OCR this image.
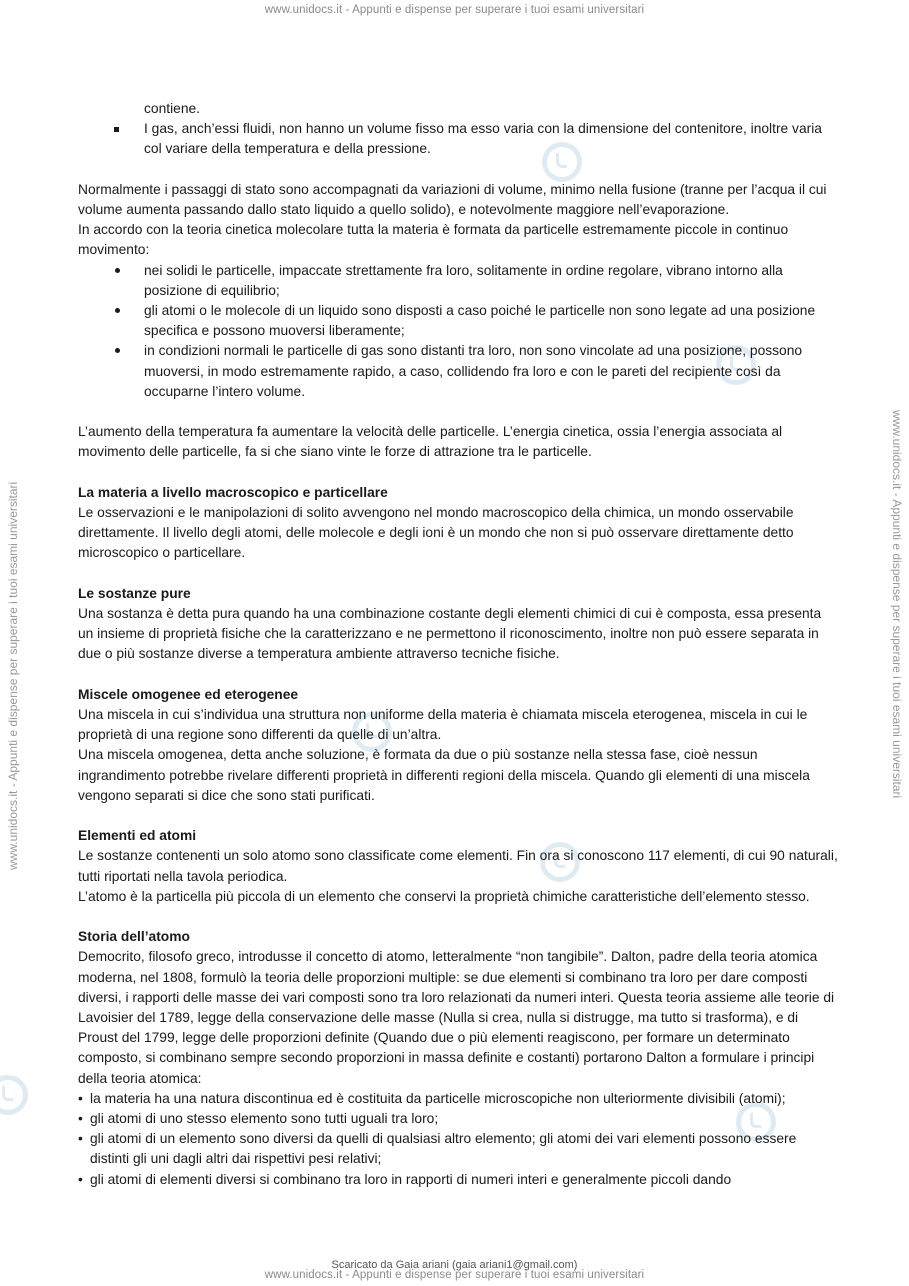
www.unidocs.it - Appunti e dispense per superare i tuoi esami universitari
www.unidocs.it - Appunti e dispense per superare i tuoi esami universitari	www.unidocs.it - Appunti e dispense per superare i tuoi esami universitari
contiene.
I gas, anch’essi fluidi, non hanno un volume fisso ma esso varia con la dimensione del contenitore, inoltre varia col variare della temperatura e della pressione.

Normalmente i passaggi di stato sono accompagnati da variazioni di volume, minimo nella fusione (tranne per l’acqua il cui volume aumenta passando dallo stato liquido a quello solido), e notevolmente maggiore nell’evaporazione.

In accordo con la teoria cinetica molecolare tutta la materia è formata da particelle estremamente piccole in continuo movimento:

nei solidi le particelle, impaccate strettamente fra loro, solitamente in ordine regolare, vibrano intorno alla posizione di equilibrio;
gli atomi o le molecole di un liquido sono disposti a caso poiché le particelle non sono legate ad una posizione specifica e possono muoversi liberamente;
in condizioni normali le particelle di gas sono distanti tra loro, non sono vincolate ad una posizione, possono muoversi, in modo estremamente rapido, a caso, collidendo fra loro e con le pareti del recipiente così da occuparne l’intero volume.

L’aumento della temperatura fa aumentare la velocità delle particelle. L’energia cinetica, ossia l’energia associata al movimento delle particelle, fa si che siano vinte le forze di attrazione tra le particelle.

La materia a livello macroscopico e particellare

Le osservazioni e le manipolazioni di solito avvengono nel mondo macroscopico della chimica, un mondo osservabile direttamente. Il livello degli atomi, delle molecole e degli ioni è un mondo che non si può osservare direttamente detto microscopico o particellare.

Le sostanze pure

Una sostanza è detta pura quando ha una combinazione costante degli elementi chimici di cui è composta, essa presenta un insieme di proprietà fisiche che la caratterizzano e ne permettono il riconoscimento, inoltre non può essere separata in due o più sostanze diverse a temperatura ambiente attraverso tecniche fisiche.

Miscele omogenee ed eterogenee

Una miscela in cui s’individua una struttura non uniforme della materia è chiamata miscela eterogenea, miscela in cui le proprietà di una regione sono differenti da quelle di un’altra.

Una miscela omogenea, detta anche soluzione, è formata da due o più sostanze nella stessa fase, cioè nessun ingrandimento potrebbe rivelare differenti proprietà in differenti regioni della miscela. Quando gli elementi di una miscela vengono separati si dice che sono stati purificati.

Elementi ed atomi

Le sostanze contenenti un solo atomo sono classificate come elementi. Fin ora si conoscono 117 elementi, di cui 90 naturali, tutti riportati nella tavola periodica.

L’atomo è la particella più piccola di un elemento che conservi la proprietà chimiche caratteristiche dell’elemento stesso.

Storia dell’atomo

Democrito, filosofo greco, introdusse il concetto di atomo, letteralmente “non tangibile”. Dalton, padre della teoria atomica moderna, nel 1808, formulò la teoria delle proporzioni multiple: se due elementi si combinano tra loro per dare composti diversi, i rapporti delle masse dei vari composti sono tra loro relazionati da numeri interi. Questa teoria assieme alle teorie di Lavoisier del 1789, legge della conservazione delle masse (Nulla si crea, nulla si distrugge, ma tutto si trasforma), e di Proust del 1799, legge delle proporzioni definite (Quando due o più elementi reagiscono, per formare un determinato composto, si combinano sempre secondo proporzioni in massa definite e costanti) portarono Dalton a formulare i principi della teoria atomica:

• la materia ha una natura discontinua ed è costituita da particelle microscopiche non ulteriormente divisibili (atomi);
• gli atomi di uno stesso elemento sono tutti uguali tra loro;
• gli atomi di un elemento sono diversi da quelli di qualsiasi altro elemento; gli atomi dei vari elementi possono essere distinti gli uni dagli altri dai rispettivi pesi relativi;
• gli atomi di elementi diversi si combinano tra loro in rapporti di numeri interi e generalmente piccoli dando
Scaricato da Gaia ariani (gaia ariani1@gmail.com)
www.unidocs.it - Appunti e dispense per superare i tuoi esami universitari
